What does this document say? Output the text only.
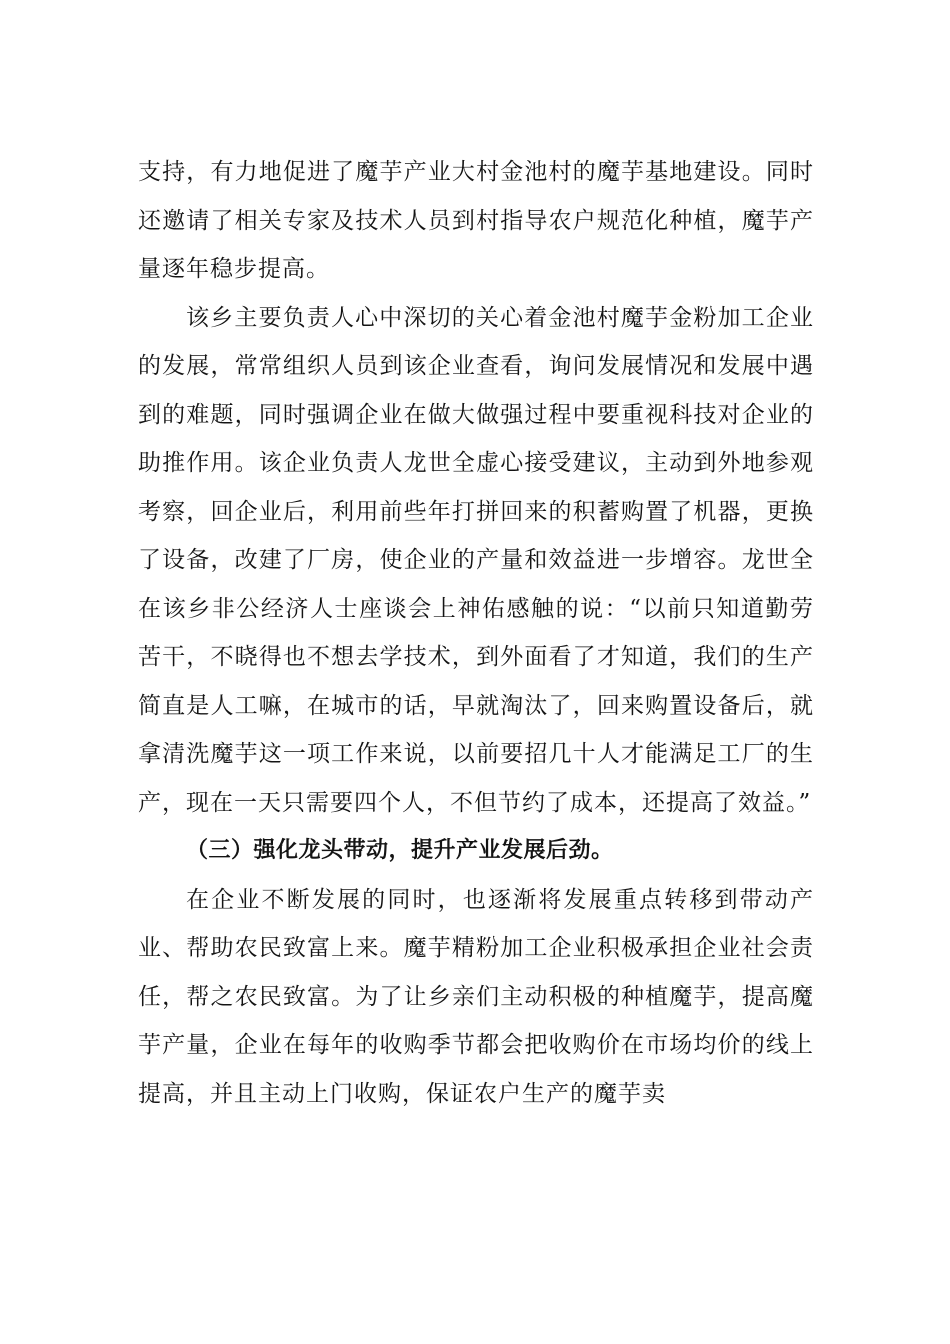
支持，有力地促进了魔芋产业大村金池村的魔芋基地建设。同时还邀请了相关专家及技术人员到村指导农户规范化种植，魔芋产量逐年稳步提高。

该乡主要负责人心中深切的关心着金池村魔芋金粉加工企业的发展，常常组织人员到该企业查看，询问发展情况和发展中遇到的难题，同时强调企业在做大做强过程中要重视科技对企业的助推作用。该企业负责人龙世全虚心接受建议，主动到外地参观考察，回企业后，利用前些年打拼回来的积蓄购置了机器，更换了设备，改建了厂房，使企业的产量和效益进一步增容。龙世全在该乡非公经济人士座谈会上神佑感触的说：“以前只知道勤劳苦干，不晓得也不想去学技术，到外面看了才知道，我们的生产简直是人工嘛，在城市的话，早就淘汰了，回来购置设备后，就拿清洗魔芋这一项工作来说，以前要招几十人才能满足工厂的生产，现在一天只需要四个人，不但节约了成本，还提高了效益。”

（三）强化龙头带动，提升产业发展后劲。

在企业不断发展的同时，也逐渐将发展重点转移到带动产业、帮助农民致富上来。魔芋精粉加工企业积极承担企业社会责任，帮之农民致富。为了让乡亲们主动积极的种植魔芋，提高魔芋产量，企业在每年的收购季节都会把收购价在市场均价的线上提高，并且主动上门收购，保证农户生产的魔芋卖
